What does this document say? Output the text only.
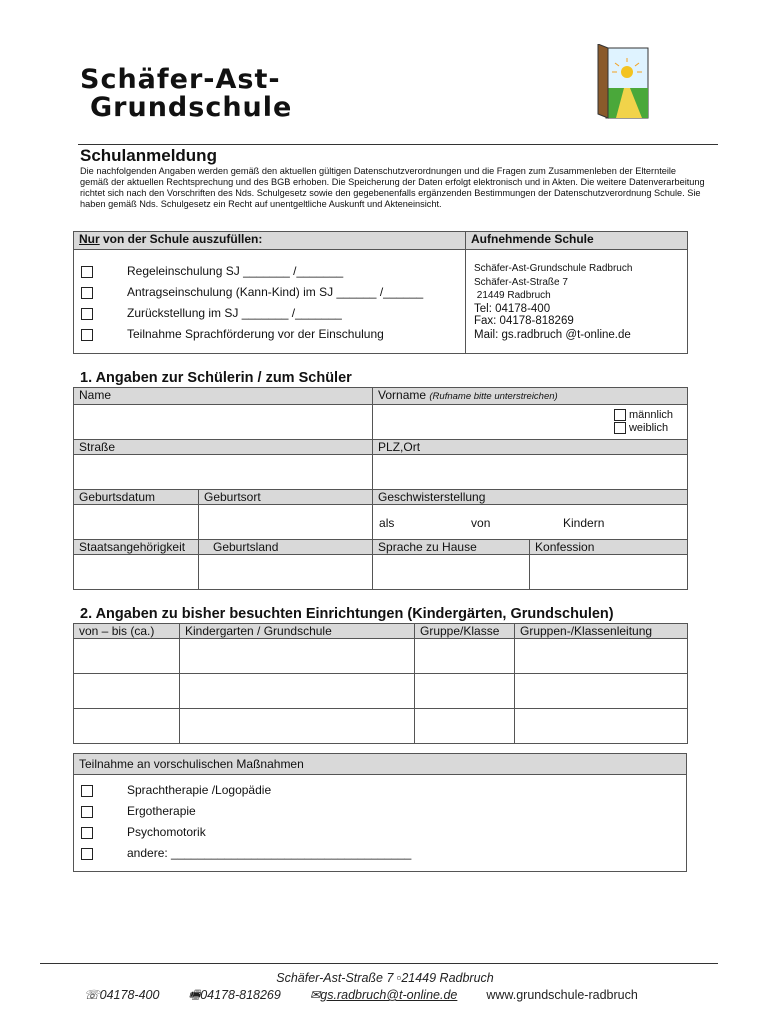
Schäfer-Ast-
Grundschule
Schulanmeldung
Die nachfolgenden Angaben werden gemäß den aktuellen gültigen Datenschutzverordnungen und die Fragen zum Zusammenleben der Elternteile gemäß der aktuellen Rechtsprechung und des BGB erhoben. Die Speicherung der Daten erfolgt elektronisch und in Akten. Die weitere Datenverarbeitung richtet sich nach den Vorschriften des Nds. Schulgesetz sowie den gegebenenfalls ergänzenden Bestimmungen der Datenschutzverordnung Schule. Sie haben gemäß Nds. Schulgesetz ein Recht auf unentgeltliche Auskunft und Akteneinsicht.
Nur von der Schule auszufüllen:	Aufnehmende Schule

Regeleinschulung SJ _______ /_______
Antragseinschulung (Kann-Kind) im SJ ______ /______
Zurückstellung im SJ _______ /_______
Teilnahme Sprachförderung vor der Einschulung
Schäfer-Ast-Grundschule Radbruch
Schäfer-Ast-Straße 7
21449 Radbruch
Tel: 04178-400
Fax: 04178-818269
Mail: gs.radbruch @t-online.de
1. Angaben zur Schülerin / zum Schüler
Name		Vorname (Rufname bitte unterstreichen)	

		männlich
weiblich	

Straße		PLZ,Ort	

Geburtsdatum	Geburtsort	Geschwisterstellung	

		als von Kindern	

Staatsangehörigkeit	Geburtsland	Sprache zu Hause	Konfession

2. Angaben zu bisher besuchten Einrichtungen (Kindergärten, Grundschulen)
von – bis (ca.)	Kindergarten / Grundschule	Gruppe/Klasse	Gruppen-/Klassenleitung

Teilnahme an vorschulischen Maßnahmen

Sprachtherapie /Logopädie
Ergotherapie
Psychomotorik
andere: ____________________________________
Schäfer-Ast-Straße 7 ▫21449 Radbruch
☏04178-400 🖷04178-818269 ✉gs.radbruch@t-online.de www.grundschule-radbruch
